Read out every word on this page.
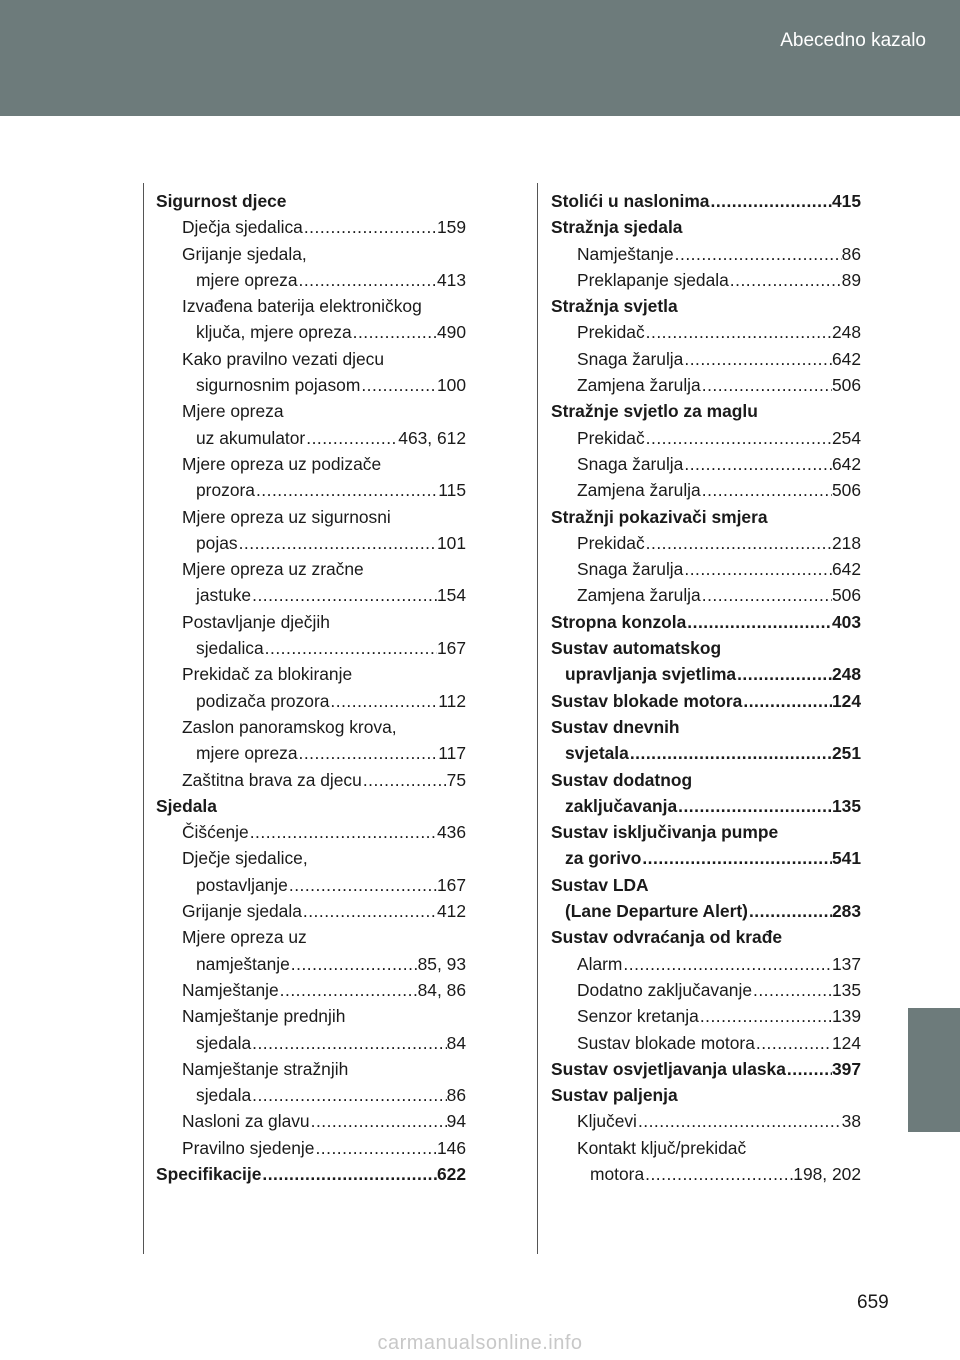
Abecedno kazalo
Sigurnost djece
Dječja sjedalica .....	159
Grijanje sjedala,
mjere opreza .....	413
Izvađena baterija elektroničkog
ključa, mjere opreza .....	490
Kako pravilno vezati djecu
sigurnosnim pojasom .....	100
Mjere opreza
uz akumulator .....	463, 612
Mjere opreza uz podizače
prozora .....	115
Mjere opreza uz sigurnosni
pojas .....	101
Mjere opreza uz zračne
jastuke .....	154
Postavljanje dječjih
sjedalica .....	167
Prekidač za blokiranje
podizača prozora .....	112
Zaslon panoramskog krova,
mjere opreza .....	117
Zaštitna brava za djecu .....	75
Sjedala
Čišćenje .....	436
Dječje sjedalice,
postavljanje .....	167
Grijanje sjedala .....	412
Mjere opreza uz
namještanje .....	85, 93
Namještanje .....	84, 86
Namještanje prednjih
sjedala .....	84
Namještanje stražnjih
sjedala .....	86
Nasloni za glavu .....	94
Pravilno sjedenje .....	146
Specifikacije .....	622
Stolići u naslonima .....	415
Stražnja sjedala
Namještanje .....	86
Preklapanje sjedala .....	89
Stražnja svjetla
Prekidač .....	248
Snaga žarulja .....	642
Zamjena žarulja .....	506
Stražnje svjetlo za maglu
Prekidač .....	254
Snaga žarulja .....	642
Zamjena žarulja .....	506
Stražnji pokazivači smjera
Prekidač .....	218
Snaga žarulja .....	642
Zamjena žarulja .....	506
Stropna konzola .....	403
Sustav automatskog
upravljanja svjetlima .....	248
Sustav blokade motora .....	124
Sustav dnevnih
svjetala .....	251
Sustav dodatnog
zaključavanja .....	135
Sustav isključivanja pumpe
za gorivo .....	541
Sustav LDA
(Lane Departure Alert) .....	283
Sustav odvraćanja od krađe
Alarm .....	137
Dodatno zaključavanje .....	135
Senzor kretanja .....	139
Sustav blokade motora .....	124
Sustav osvjetljavanja ulaska .....	397
Sustav paljenja
Ključevi .....	38
Kontakt ključ/prekidač
motora .....	198, 202
659
carmanualsonline.info
